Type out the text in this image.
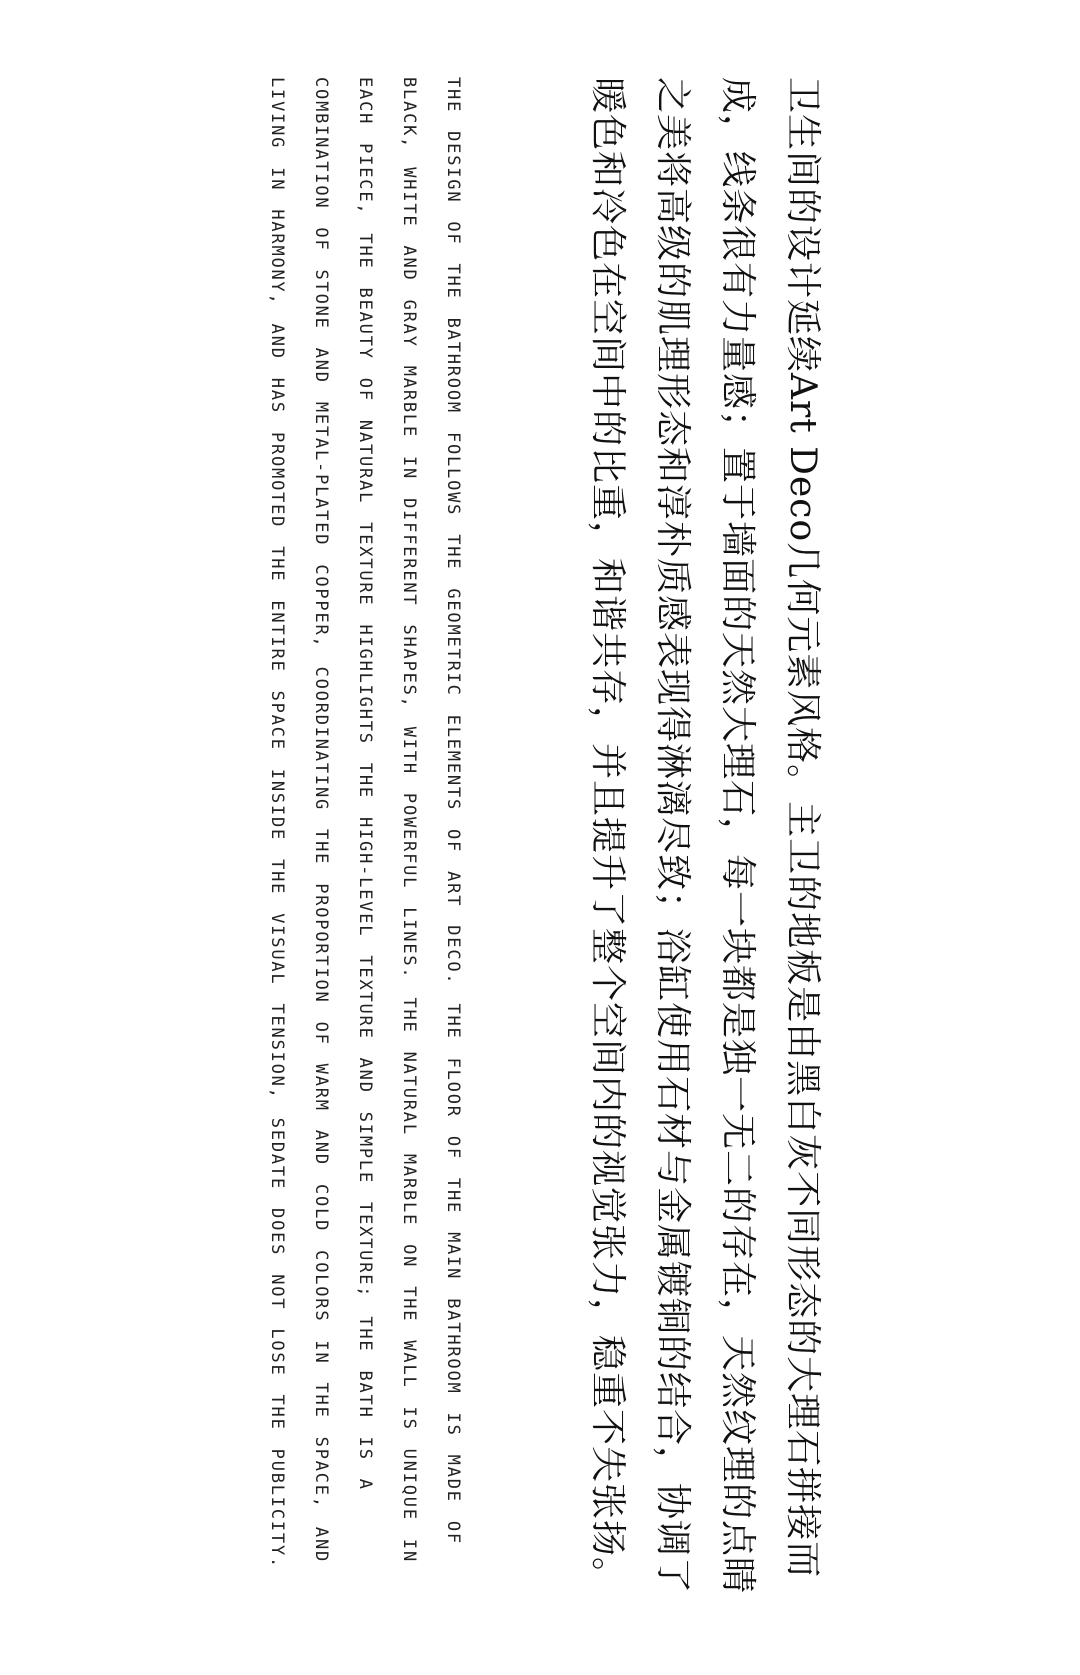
卫生间的设计延续Art Deco几何元素风格。主卫的地板是由黑白灰不同形态的大理石拼接而成，线条很有力量感；置于墙面的天然大理石，每一块都是独一无二的存在，天然纹理的点睛之美将高级的肌理形态和淳朴质感表现得淋漓尽致；浴缸使用石材与金属镀铜的结合，协调了暖色和冷色在空间中的比重，和谐共存，并且提升了整个空间内的视觉张力，稳重不失张扬。

THE DESIGN OF THE BATHROOM FOLLOWS THE GEOMETRIC ELEMENTS OF ART DECO. THE FLOOR OF THE MAIN BATHROOM IS MADE OF BLACK, WHITE AND GRAY MARBLE IN DIFFERENT SHAPES, WITH POWERFUL LINES. THE NATURAL MARBLE ON THE WALL IS UNIQUE IN EACH PIECE, THE BEAUTY OF NATURAL TEXTURE HIGHLIGHTS THE HIGH-LEVEL TEXTURE AND SIMPLE TEXTURE; THE BATH IS A COMBINATION OF STONE AND METAL-PLATED COPPER, COORDINATING THE PROPORTION OF WARM AND COLD COLORS IN THE SPACE, AND LIVING IN HARMONY, AND HAS PROMOTED THE ENTIRE SPACE INSIDE THE VISUAL TENSION, SEDATE DOES NOT LOSE THE PUBLICITY.
